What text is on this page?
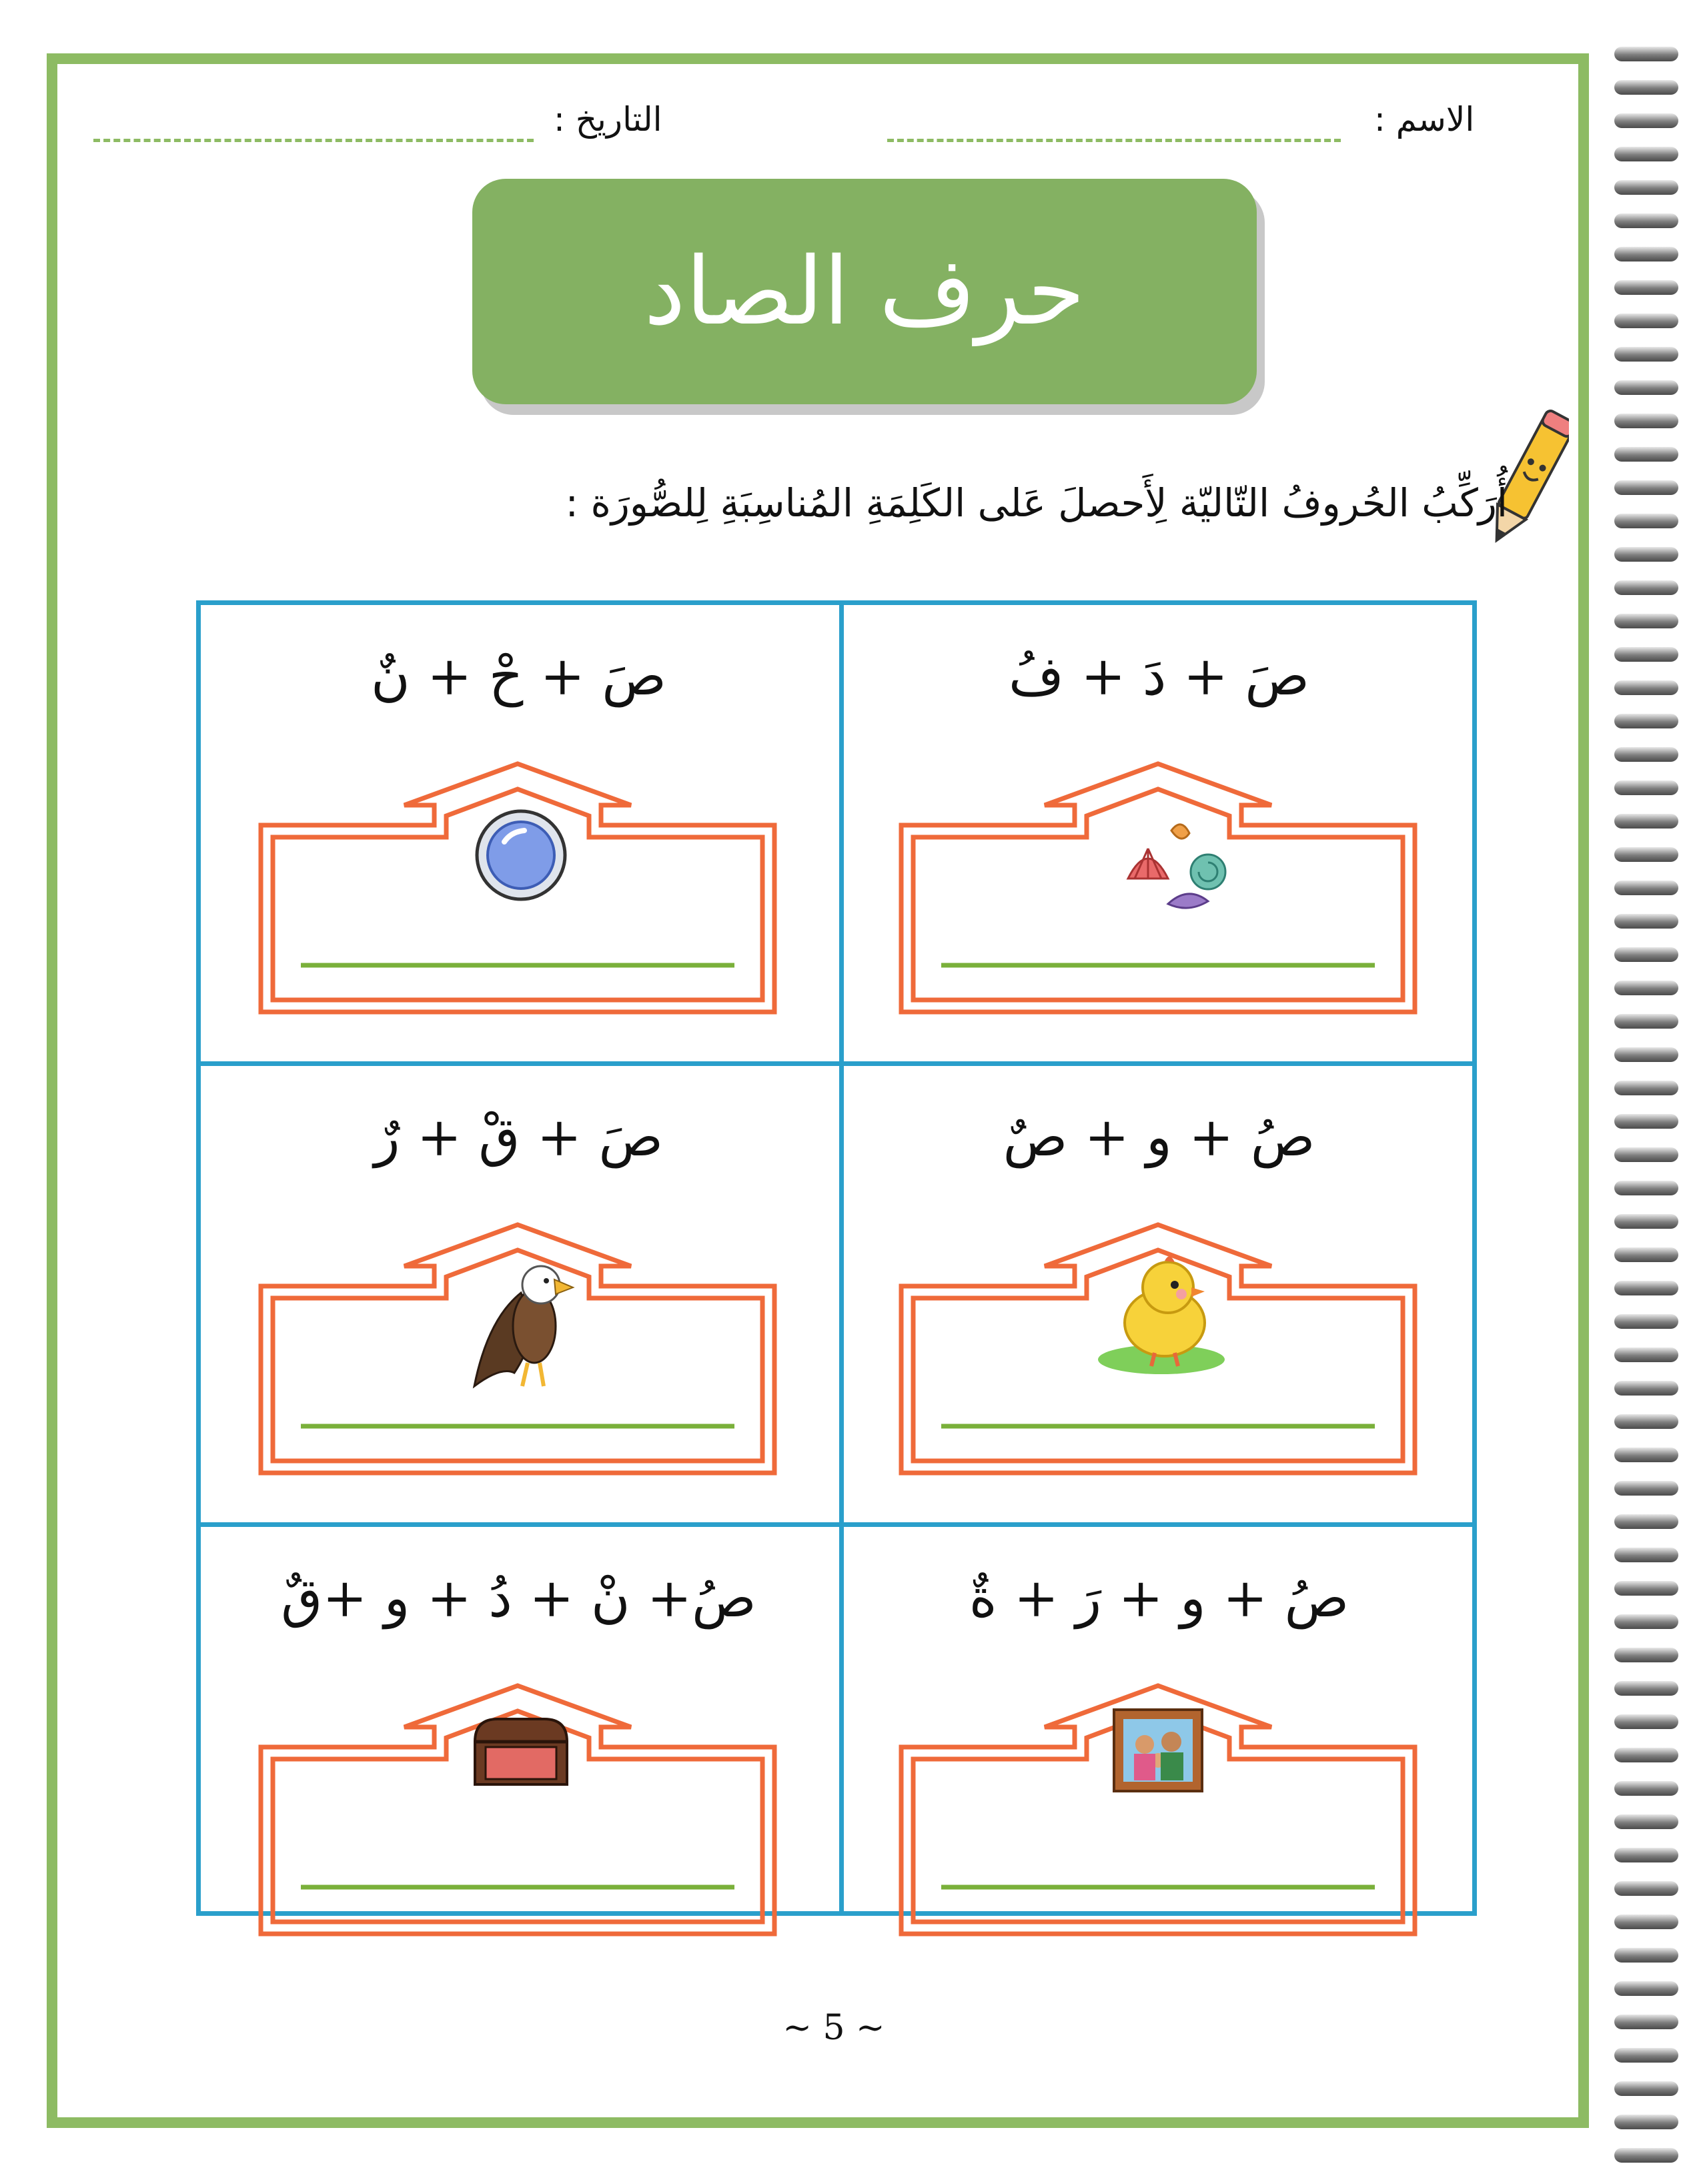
الاسم :
التاريخ :
حرف الصاد
أُرَكِّبُ الحُروفُ التّاليّة لِأَحصلَ عَلى الكَلِمَةِ المُناسِبَةِ لِلصُّورَة :
صَ + دَ + فُ
صَ + حْ + نٌ
صُ + و + صٌ
صَ + قْ + رٌ
صُ + و + رَ + ةٌ
صُ+ نْ + دُ + و +قٌ
~ 5 ~
